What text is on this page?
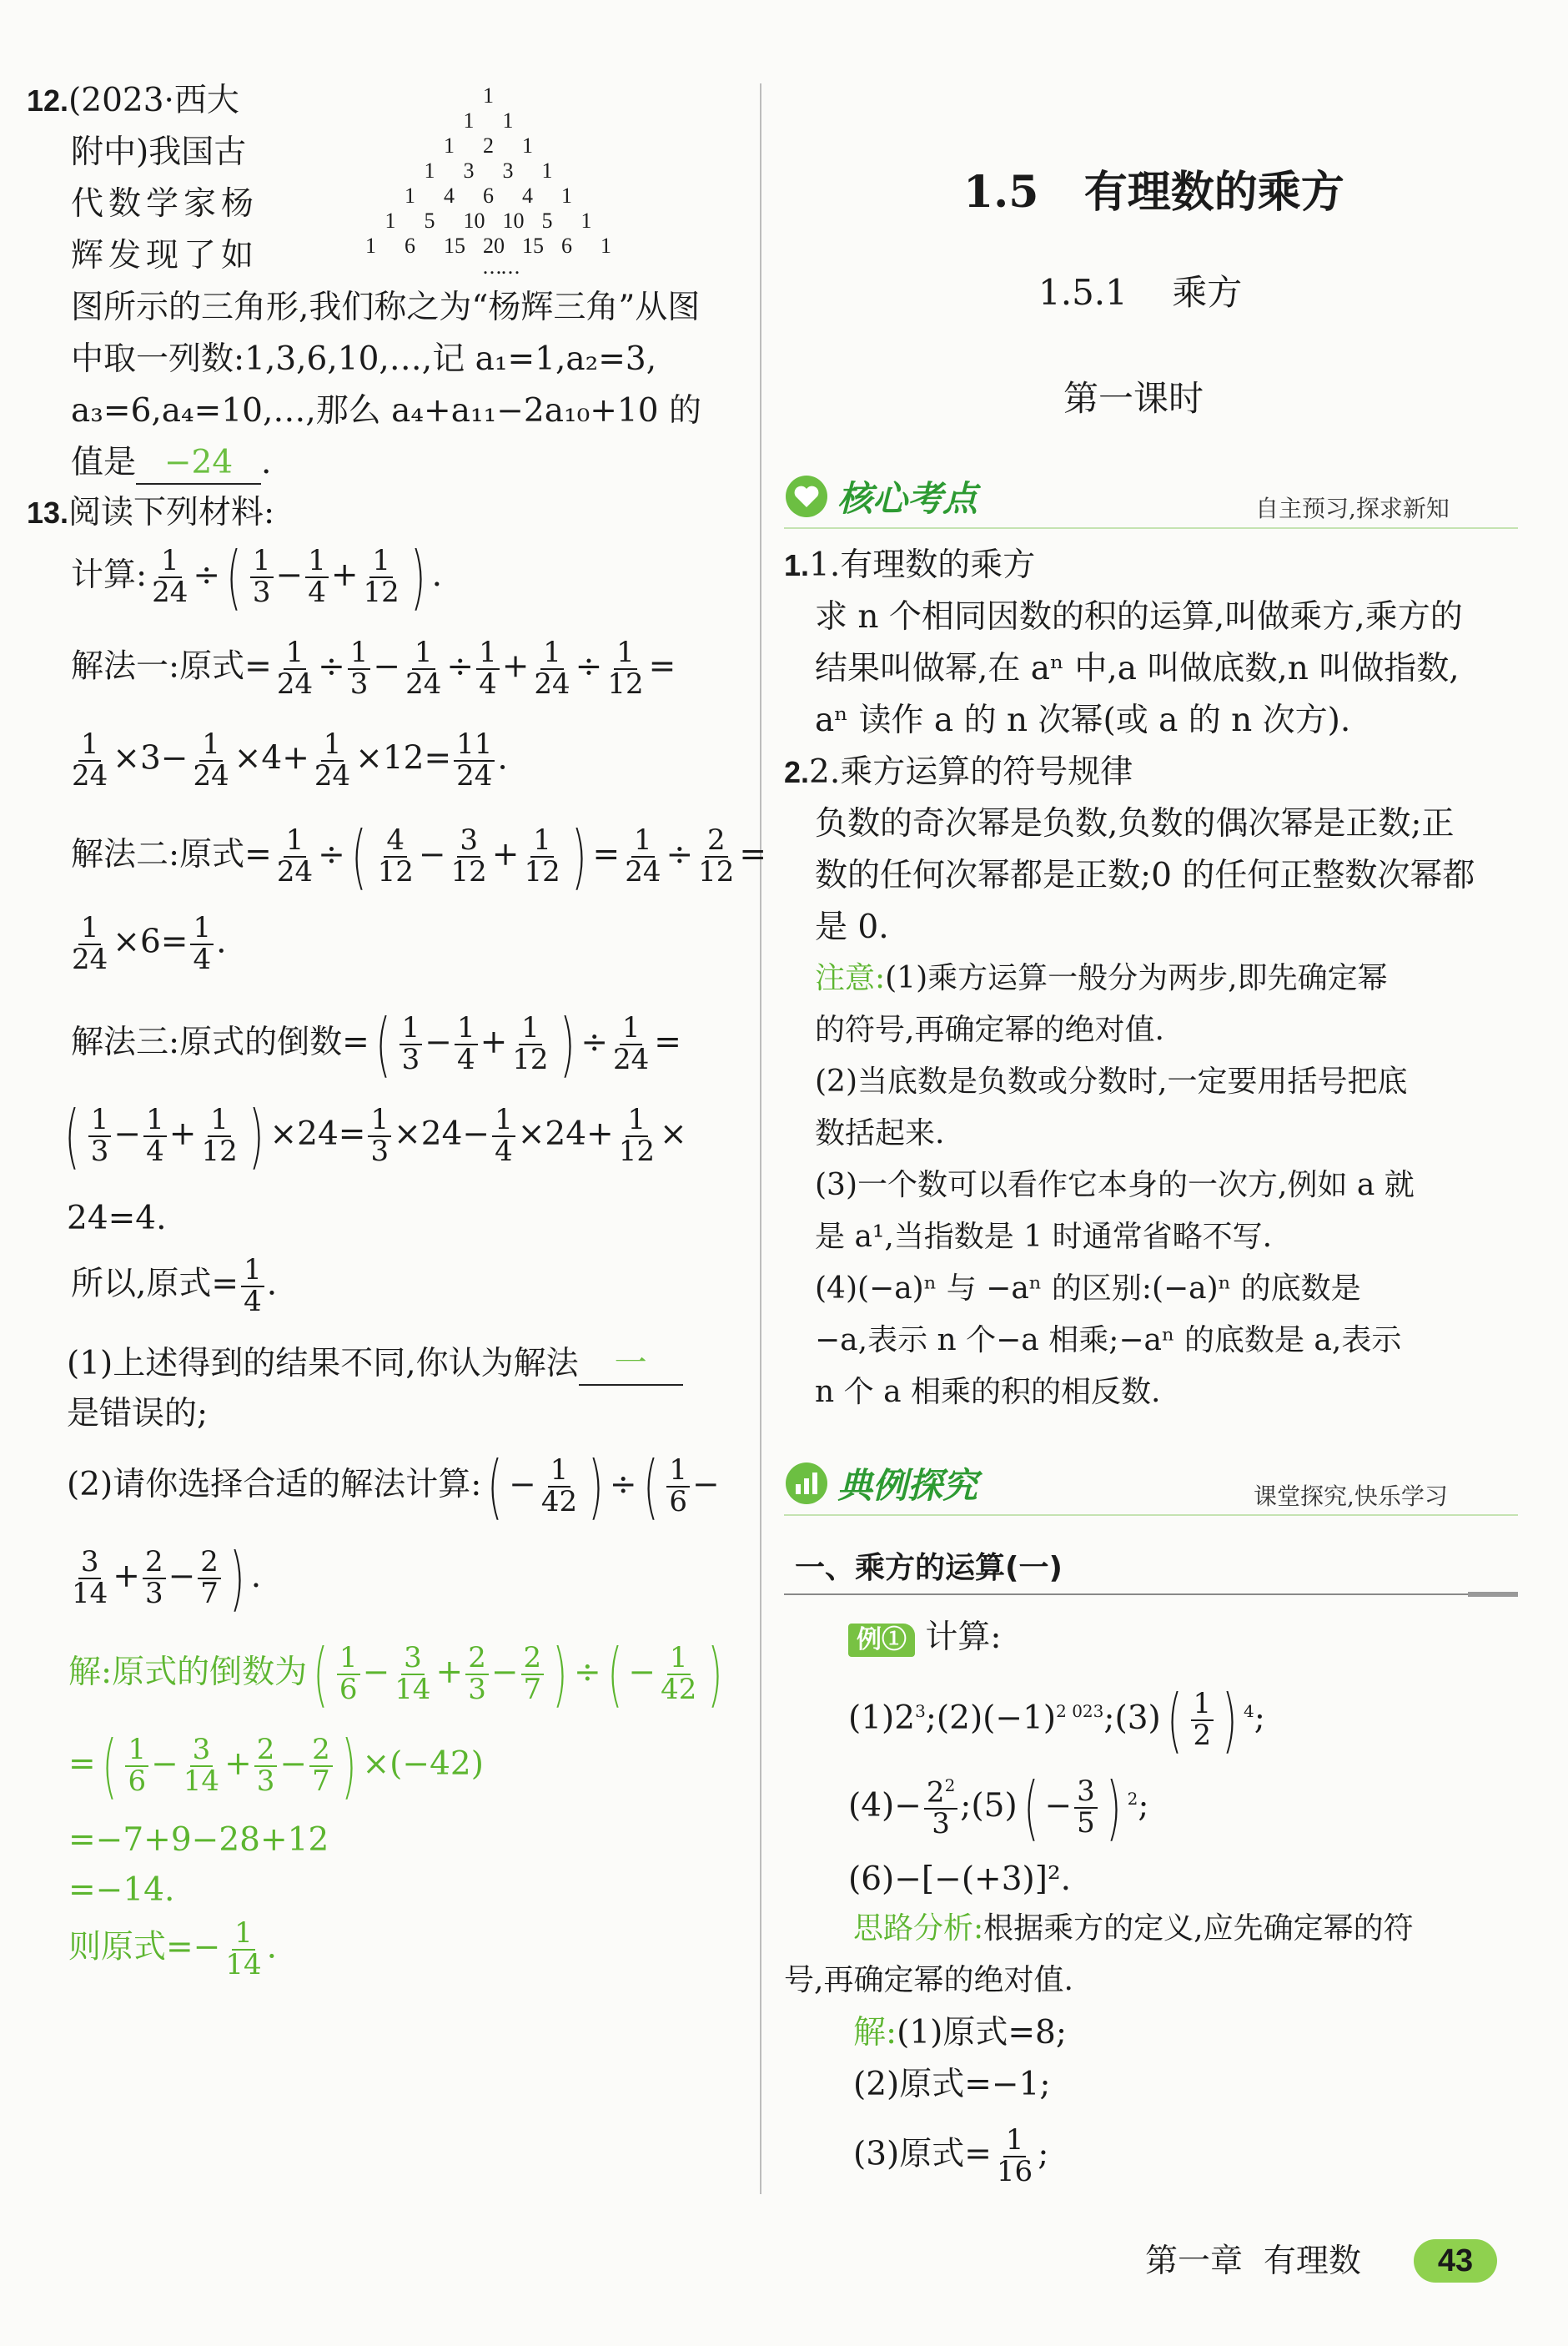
12.(2023·西大
附中)我国古
代数学家杨
辉发现了如
1
1 1
1 2 1
1 3 3 1
1 4 6 4 1
1 5 10 10 5 1
1 6 15 20 15 6 1
……
图所示的三角形,我们称之为“杨辉三角”从图
中取一列数:1,3,6,10,…,记 a₁=1,a₂=3,
a₃=6,a₄=10,…,那么 a₄+a₁₁−2a₁₀+10 的
值是 −24 .
13.阅读下列材料:
计算: $\frac{1}{24}$ ÷( $\frac{1}{3} - \frac{1}{4} + \frac{1}{12}$ ) .
解法一:原式= $\frac{1}{24} \div \frac{1}{3} - \frac{1}{24} \div \frac{1}{4} + \frac{1}{24} \div \frac{1}{12}$ =
$\frac{1}{24} \times 3- \frac{1}{24} \times 4+ \frac{1}{24} \times 12= \frac{11}{24}$ .
解法二:原式= $\frac{1}{24}$ ÷( $\frac{4}{12} - \frac{3}{12} + \frac{1}{12}$ ) = $\frac{1}{24} \div \frac{2}{12}$ =
$\frac{1}{24} \times 6= \frac{1}{4}$ .
解法三:原式的倒数=( $\frac{1}{3} - \frac{1}{4} + \frac{1}{12}$ ) ÷ $\frac{1}{24}$ =
( $\frac{1}{3} - \frac{1}{4} + \frac{1}{12}$ ) $\times 24= \frac{1}{3} \times 24- \frac{1}{4} \times 24+ \frac{1}{12}$ ×
24=4.
所以,原式= $\frac{1}{4}$ .
(1)上述得到的结果不同,你认为解法 一
是错误的;
(2)请你选择合适的解法计算:( − $\frac{1}{42}$ ) ÷( $\frac{1}{6}$ −
$\frac{3}{14} + \frac{2}{3} - \frac{2}{7}$ ) .
解:原式的倒数为( $\frac{1}{6} - \frac{3}{14} + \frac{2}{3} - \frac{2}{7}$ ) ÷( − $\frac{1}{42}$ )
=( $\frac{1}{6} - \frac{3}{14} + \frac{2}{3} - \frac{2}{7}$ ) ×(−42)
=−7+9−28+12
=−14.
则原式=− $\frac{1}{14}$ .
1.5 有理数的乘方
1.5.1 乘方
第一课时
核心考点	自主预习,探求新知
1.1.有理数的乘方
求 n 个相同因数的积的运算,叫做乘方,乘方的
结果叫做幂,在 aⁿ 中,a 叫做底数,n 叫做指数,
aⁿ 读作 a 的 n 次幂(或 a 的 n 次方).
2.2.乘方运算的符号规律
负数的奇次幂是负数,负数的偶次幂是正数;正
数的任何次幂都是正数;0 的任何正整数次幂都
是 0.
注意:(1)乘方运算一般分为两步,即先确定幂
的符号,再确定幂的绝对值.
(2)当底数是负数或分数时,一定要用括号把底
数括起来.
(3)一个数可以看作它本身的一次方,例如 a 就
是 a¹,当指数是 1 时通常省略不写.
(4)(−a)ⁿ 与 −aⁿ 的区别:(−a)ⁿ 的底数是
−a,表示 n 个−a 相乘;−aⁿ 的底数是 a,表示
n 个 a 相乘的积的相反数.
典例探究	课堂探究,快乐学习
一、乘方的运算(一)
例① 计算:
$(1)2^3;(2)(-1)^{2 023};(3)( \frac{1}{2}$ ) $^4$;
$(4)- \frac{2^2}{3}$ ;(5)( − $\frac{3}{5}$ ) $^2$;
(6)−[−(+3)]².
思路分析:根据乘方的定义,应先确定幂的符
号,再确定幂的绝对值.
解:(1)原式=8;
(2)原式=−1;
(3)原式= $\frac{1}{16}$ ;
第一章 有理数	43
